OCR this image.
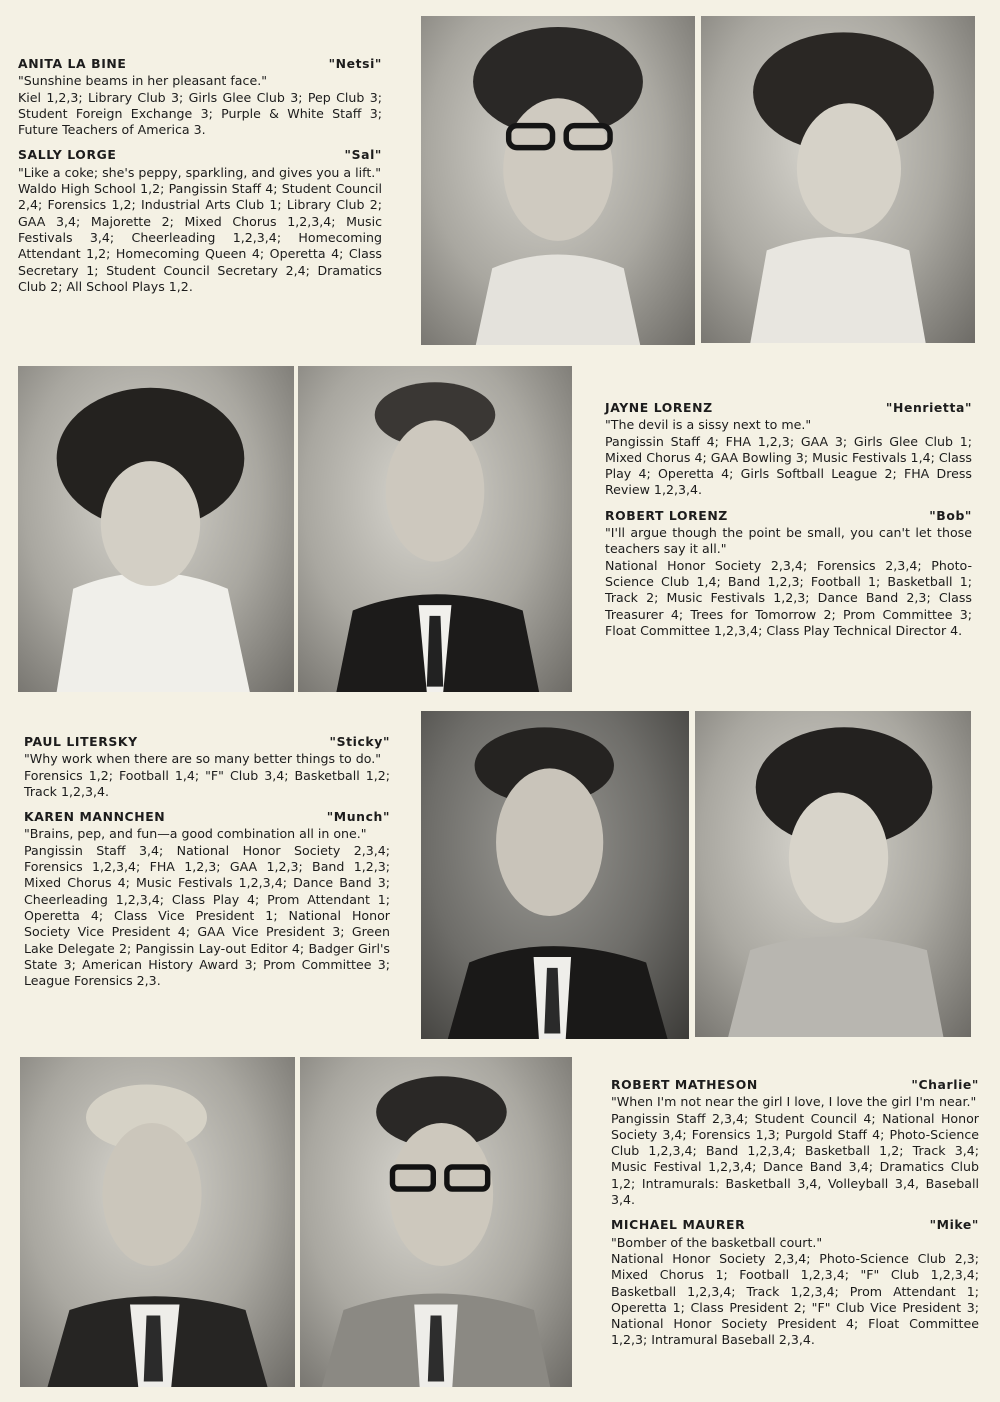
ANITA LA BINE	"Netsi"

"Sunshine beams in her pleasant face."

Kiel 1,2,3; Library Club 3; Girls Glee Club 3; Pep Club 3; Student Foreign Exchange 3; Purple & White Staff 3; Future Teachers of America 3.

SALLY LORGE	"Sal"

"Like a coke; she's peppy, sparkling, and gives you a lift."

Waldo High School 1,2; Pangissin Staff 4; Student Council 2,4; Forensics 1,2; Industrial Arts Club 1; Library Club 2; GAA 3,4; Majorette 2; Mixed Chorus 1,2,3,4; Music Festivals 3,4; Cheerleading 1,2,3,4; Homecoming Attendant 1,2; Homecoming Queen 4; Operetta 4; Class Secretary 1; Student Council Secretary 2,4; Dramatics Club 2; All School Plays 1,2.

JAYNE LORENZ	"Henrietta"

"The devil is a sissy next to me."

Pangissin Staff 4; FHA 1,2,3; GAA 3; Girls Glee Club 1; Mixed Chorus 4; GAA Bowling 3; Music Festivals 1,4; Class Play 4; Operetta 4; Girls Softball League 2; FHA Dress Review 1,2,3,4.

ROBERT LORENZ	"Bob"

"I'll argue though the point be small, you can't let those teachers say it all."

National Honor Society 2,3,4; Forensics 2,3,4; Photo-Science Club 1,4; Band 1,2,3; Football 1; Basketball 1; Track 2; Music Festivals 1,2,3; Dance Band 2,3; Class Treasurer 4; Trees for Tomorrow 2; Prom Committee 3; Float Committee 1,2,3,4; Class Play Technical Director 4.

PAUL LITERSKY	"Sticky"

"Why work when there are so many better things to do."

Forensics 1,2; Football 1,4; "F" Club 3,4; Basketball 1,2; Track 1,2,3,4.

KAREN MANNCHEN	"Munch"

"Brains, pep, and fun—a good combination all in one."

Pangissin Staff 3,4; National Honor Society 2,3,4; Forensics 1,2,3,4; FHA 1,2,3; GAA 1,2,3; Band 1,2,3; Mixed Chorus 4; Music Festivals 1,2,3,4; Dance Band 3; Cheerleading 1,2,3,4; Class Play 4; Prom Attendant 1; Operetta 4; Class Vice President 1; National Honor Society Vice President 4; GAA Vice President 3; Green Lake Delegate 2; Pangissin Lay-out Editor 4; Badger Girl's State 3; American History Award 3; Prom Committee 3; League Forensics 2,3.

ROBERT MATHESON	"Charlie"

"When I'm not near the girl I love, I love the girl I'm near."

Pangissin Staff 2,3,4; Student Council 4; National Honor Society 3,4; Forensics 1,3; Purgold Staff 4; Photo-Science Club 1,2,3,4; Band 1,2,3,4; Basketball 1,2; Track 3,4; Music Festival 1,2,3,4; Dance Band 3,4; Dramatics Club 1,2; Intramurals: Basketball 3,4, Volleyball 3,4, Baseball 3,4.

MICHAEL MAURER	"Mike"

"Bomber of the basketball court."

National Honor Society 2,3,4; Photo-Science Club 2,3; Mixed Chorus 1; Football 1,2,3,4; "F" Club 1,2,3,4; Basketball 1,2,3,4; Track 1,2,3,4; Prom Attendant 1; Operetta 1; Class President 2; "F" Club Vice President 3; National Honor Society President 4; Float Committee 1,2,3; Intramural Baseball 2,3,4.
